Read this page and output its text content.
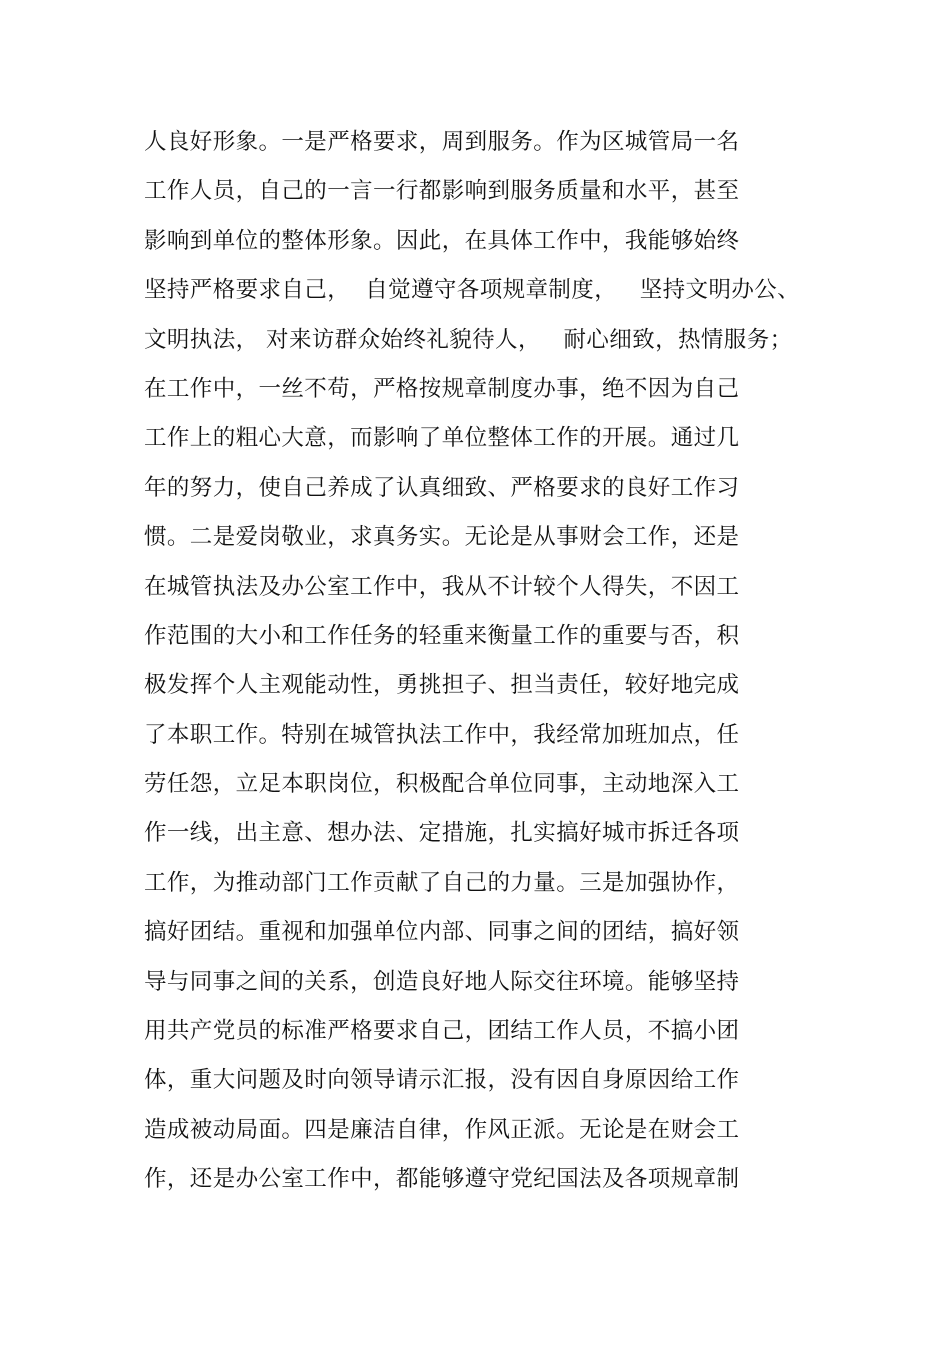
人良好形象。一是严格要求，周到服务。作为区城管局一名
工作人员，自己的一言一行都影响到服务质量和水平，甚至
影响到单位的整体形象。因此，在具体工作中，我能够始终
坚持严格要求自己，  自觉遵守各项规章制度，   坚持文明办公、
文明执法， 对来访群众始终礼貌待人，   耐心细致，热情服务；
在工作中，一丝不苟，严格按规章制度办事，绝不因为自己
工作上的粗心大意，而影响了单位整体工作的开展。通过几
年的努力，使自己养成了认真细致、严格要求的良好工作习
惯。二是爱岗敬业，求真务实。无论是从事财会工作，还是
在城管执法及办公室工作中，我从不计较个人得失，不因工
作范围的大小和工作任务的轻重来衡量工作的重要与否，积
极发挥个人主观能动性，勇挑担子、担当责任，较好地完成
了本职工作。特别在城管执法工作中，我经常加班加点，任
劳任怨，立足本职岗位，积极配合单位同事，主动地深入工
作一线，出主意、想办法、定措施，扎实搞好城市拆迁各项
工作，为推动部门工作贡献了自己的力量。三是加强协作，
搞好团结。重视和加强单位内部、同事之间的团结，搞好领
导与同事之间的关系，创造良好地人际交往环境。能够坚持
用共产党员的标准严格要求自己，团结工作人员，不搞小团
体，重大问题及时向领导请示汇报，没有因自身原因给工作
造成被动局面。四是廉洁自律，作风正派。无论是在财会工
作，还是办公室工作中，都能够遵守党纪国法及各项规章制
